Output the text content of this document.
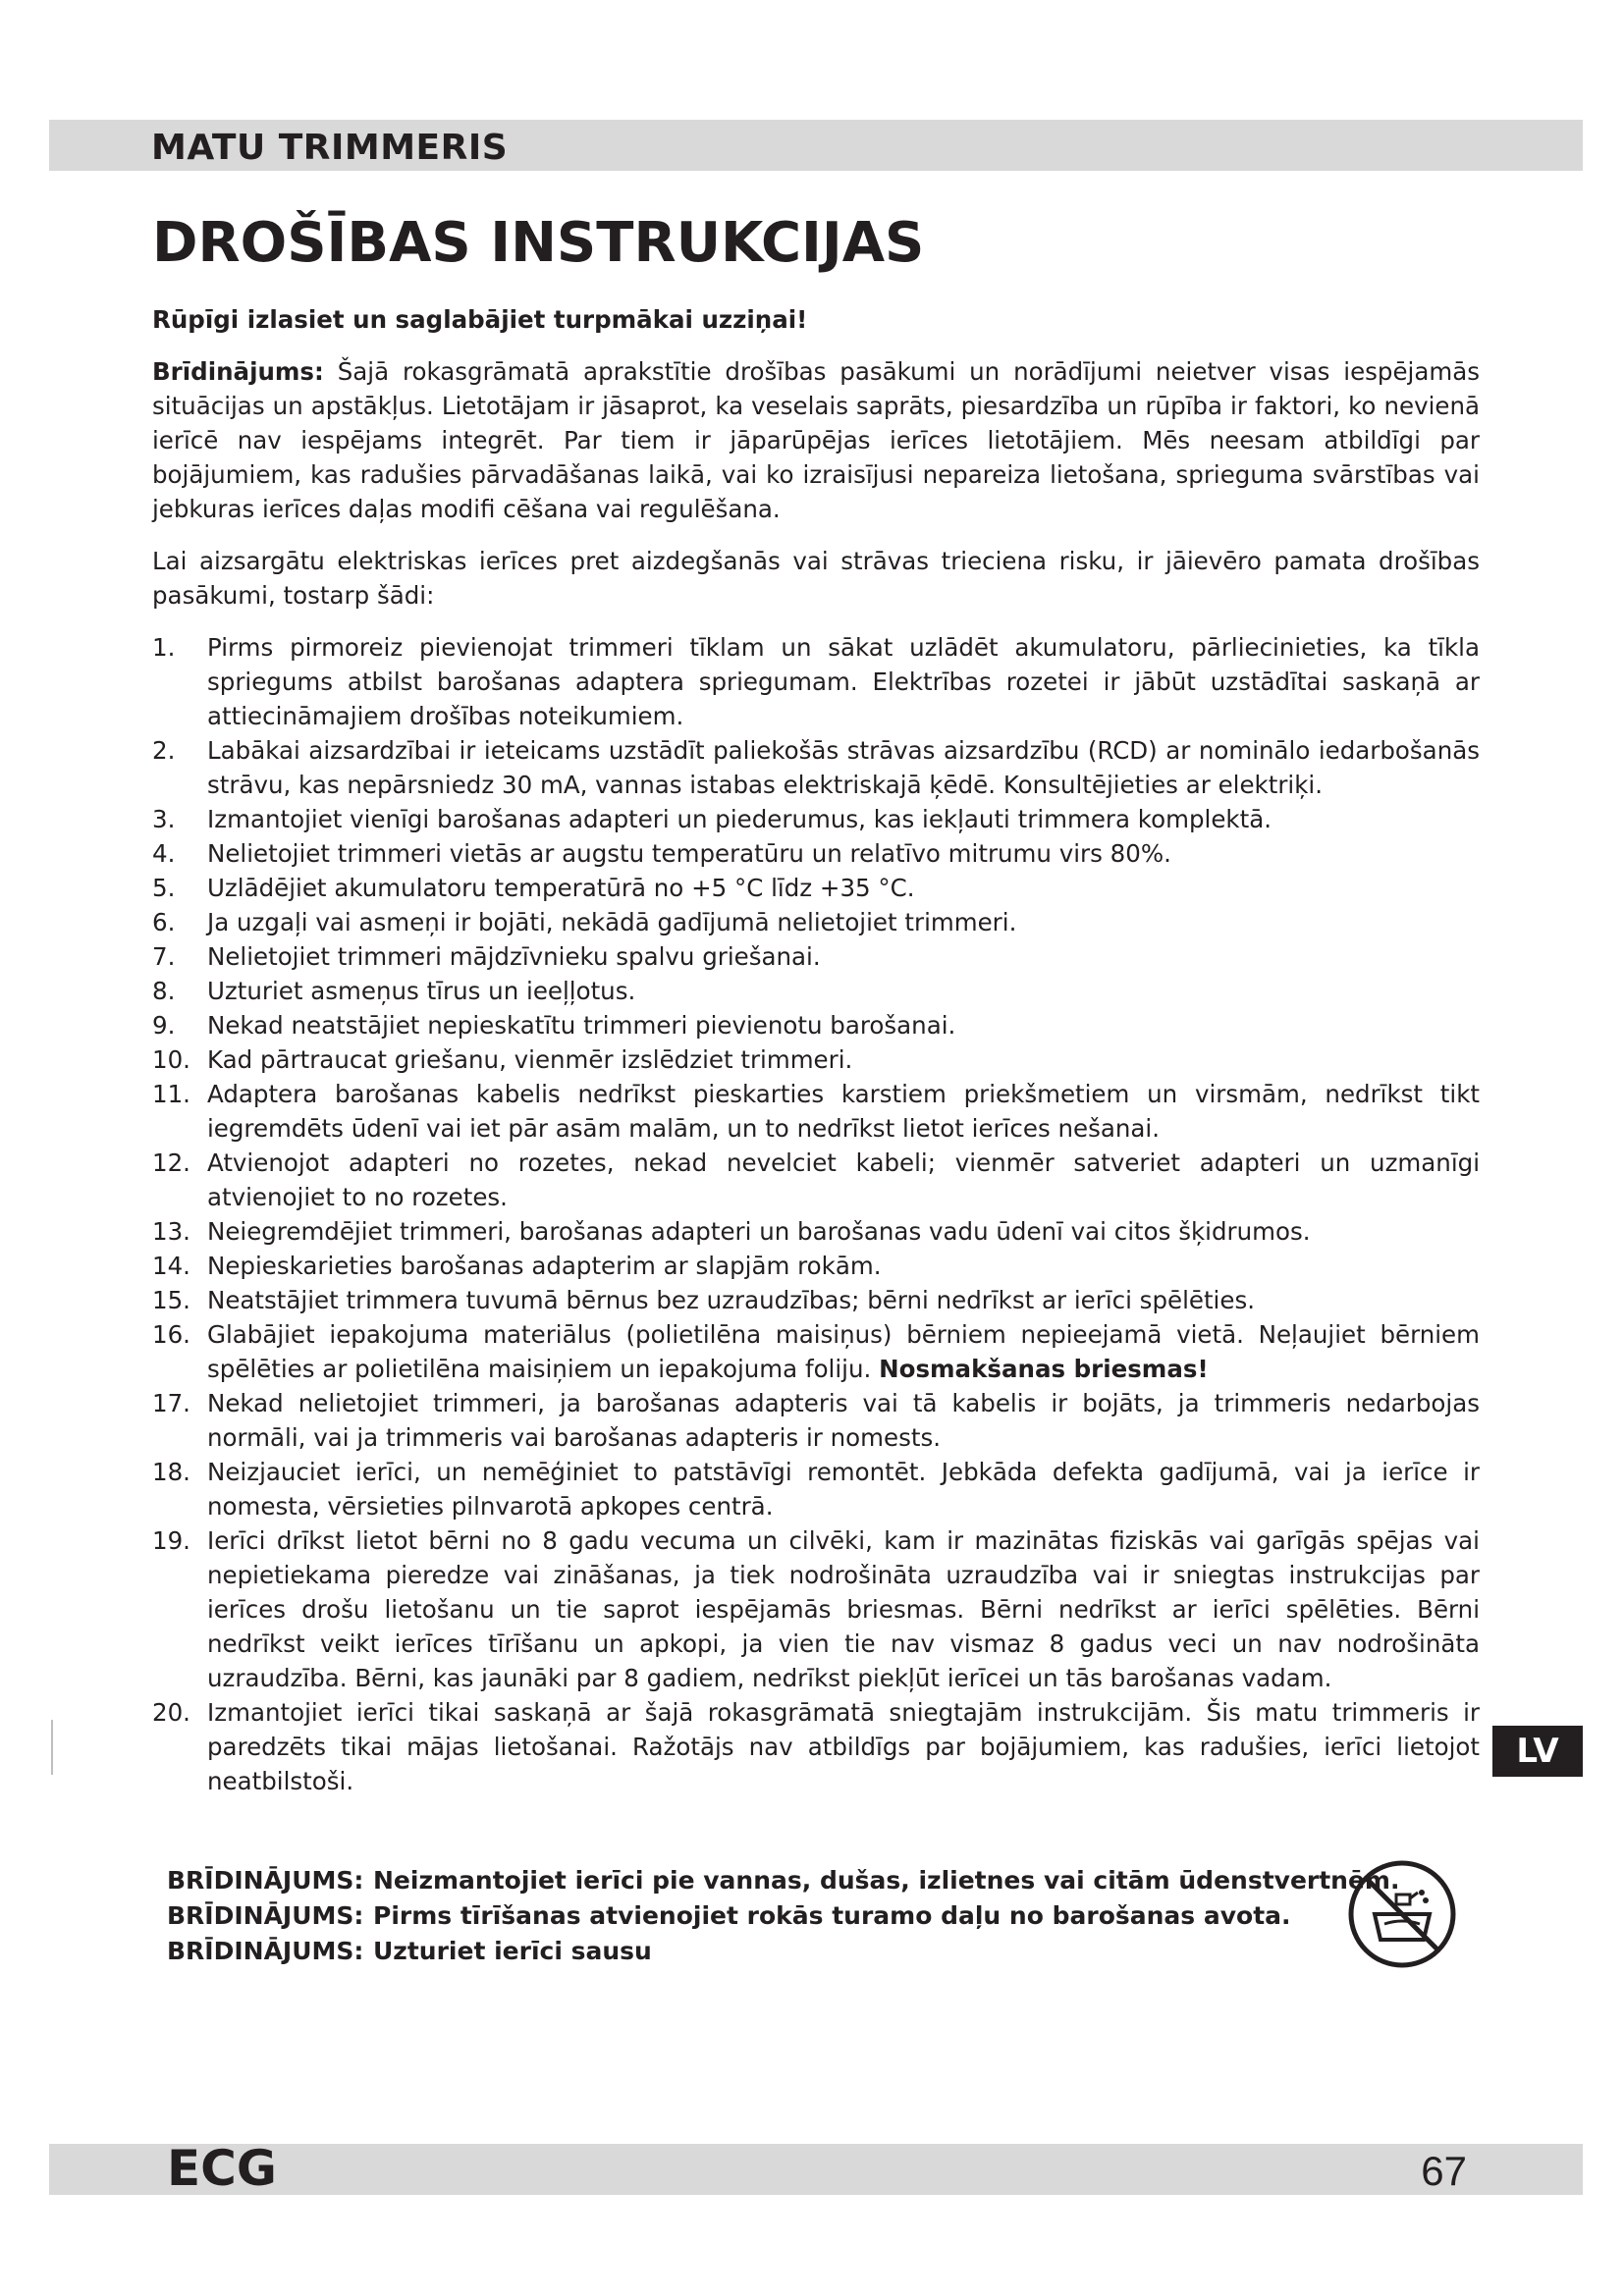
MATU TRIMMERIS
DROŠĪBAS INSTRUKCIJAS

Rūpīgi izlasiet un saglabājiet turpmākai uzziņai!

Brīdinājums: Šajā rokasgrāmatā aprakstītie drošības pasākumi un norādījumi neietver visas iespējamās situācijas un apstākļus. Lietotājam ir jāsaprot, ka veselais saprāts, piesardzība un rūpība ir faktori, ko nevienā ierīcē nav iespējams integrēt. Par tiem ir jāparūpējas ierīces lietotājiem. Mēs neesam atbildīgi par bojājumiem, kas radušies pārvadāšanas laikā, vai ko izraisījusi nepareiza lietošana, sprieguma svārstības vai jebkuras ierīces daļas modifi cēšana vai regulēšana.

Lai aizsargātu elektriskas ierīces pret aizdegšanās vai strāvas trieciena risku, ir jāievēro pamata drošības pasākumi, tostarp šādi:

1.	Pirms pirmoreiz pievienojat trimmeri tīklam un sākat uzlādēt akumulatoru, pārliecinieties, ka tīkla spriegums atbilst barošanas adaptera spriegumam. Elektrības rozetei ir jābūt uzstādītai saskaņā ar attiecināmajiem drošības noteikumiem.
2.	Labākai aizsardzībai ir ieteicams uzstādīt paliekošās strāvas aizsardzību (RCD) ar nominālo iedarbošanās strāvu, kas nepārsniedz 30 mA, vannas istabas elektriskajā ķēdē. Konsultējieties ar elektriķi.
3.	Izmantojiet vienīgi barošanas adapteri un piederumus, kas iekļauti trimmera komplektā.
4.	Nelietojiet trimmeri vietās ar augstu temperatūru un relatīvo mitrumu virs 80%.
5.	Uzlādējiet akumulatoru temperatūrā no +5 °C līdz +35 °C.
6.	Ja uzgaļi vai asmeņi ir bojāti, nekādā gadījumā nelietojiet trimmeri.
7.	Nelietojiet trimmeri mājdzīvnieku spalvu griešanai.
8.	Uzturiet asmeņus tīrus un ieeļļotus.
9.	Nekad neatstājiet nepieskatītu trimmeri pievienotu barošanai.
10. Kad pārtraucat griešanu, vienmēr izslēdziet trimmeri.
11. Adaptera barošanas kabelis nedrīkst pieskarties karstiem priekšmetiem un virsmām, nedrīkst tikt iegremdēts ūdenī vai iet pār asām malām, un to nedrīkst lietot ierīces nešanai.
12. Atvienojot adapteri no rozetes, nekad nevelciet kabeli; vienmēr satveriet adapteri un uzmanīgi atvienojiet to no rozetes.
13. Neiegremdējiet trimmeri, barošanas adapteri un barošanas vadu ūdenī vai citos šķidrumos.
14. Nepieskarieties barošanas adapterim ar slapjām rokām.
15. Neatstājiet trimmera tuvumā bērnus bez uzraudzības; bērni nedrīkst ar ierīci spēlēties.
16. Glabājiet iepakojuma materiālus (polietilēna maisiņus) bērniem nepieejamā vietā. Neļaujiet bērniem spēlēties ar polietilēna maisiņiem un iepakojuma foliju. Nosmakšanas briesmas!
17. Nekad nelietojiet trimmeri, ja barošanas adapteris vai tā kabelis ir bojāts, ja trimmeris nedarbojas normāli, vai ja trimmeris vai barošanas adapteris ir nomests.
18. Neizjauciet ierīci, un nemēģiniet to patstāvīgi remontēt. Jebkāda defekta gadījumā, vai ja ierīce ir nomesta, vērsieties pilnvarotā apkopes centrā.
19. Ierīci drīkst lietot bērni no 8 gadu vecuma un cilvēki, kam ir mazinātas fiziskās vai garīgās spējas vai nepietiekama pieredze vai zināšanas, ja tiek nodrošināta uzraudzība vai ir sniegtas instrukcijas par ierīces drošu lietošanu un tie saprot iespējamās briesmas. Bērni nedrīkst ar ierīci spēlēties. Bērni nedrīkst veikt ierīces tīrīšanu un apkopi, ja vien tie nav vismaz 8 gadus veci un nav nodrošināta uzraudzība. Bērni, kas jaunāki par 8 gadiem, nedrīkst piekļūt ierīcei un tās barošanas vadam.
20. Izmantojiet ierīci tikai saskaņā ar šajā rokasgrāmatā sniegtajām instrukcijām. Šis matu trimmeris ir paredzēts tikai mājas lietošanai. Ražotājs nav atbildīgs par bojājumiem, kas radušies, ierīci lietojot neatbilstoši.
BRĪDINĀJUMS: Neizmantojiet ierīci pie vannas, dušas, izlietnes vai citām ūdenstvertnēm.
BRĪDINĀJUMS: Pirms tīrīšanas atvienojiet rokās turamo daļu no barošanas avota.
BRĪDINĀJUMS: Uzturiet ierīci sausu
LV
ECG	67
